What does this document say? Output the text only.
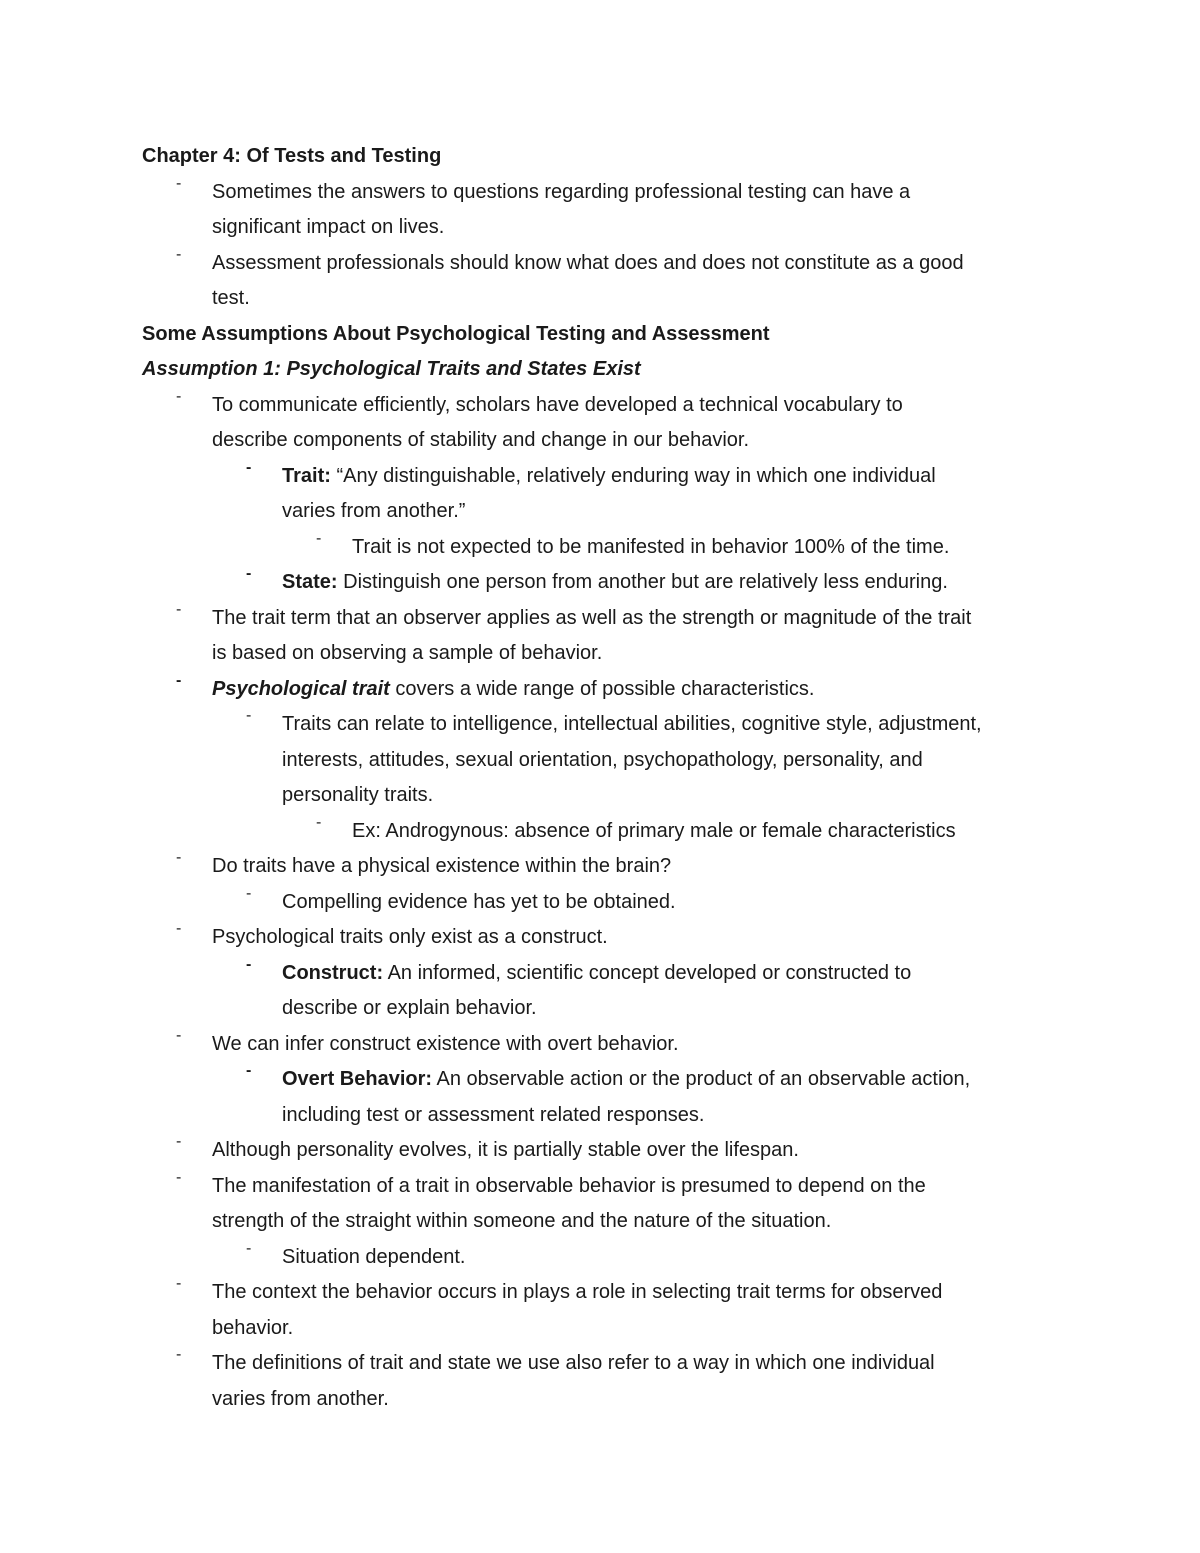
Chapter 4: Of Tests and Testing
-	Sometimes the answers to questions regarding professional testing can have a
significant impact on lives.
-	Assessment professionals should know what does and does not constitute as a good
test.
Some Assumptions About Psychological Testing and Assessment
Assumption 1: Psychological Traits and States Exist
-	To communicate efficiently, scholars have developed a technical vocabulary to
describe components of stability and change in our behavior.
-	Trait: “Any distinguishable, relatively enduring way in which one individual
varies from another.”
-	Trait is not expected to be manifested in behavior 100% of the time.
-	State: Distinguish one person from another but are relatively less enduring.
-	The trait term that an observer applies as well as the strength or magnitude of the trait
is based on observing a sample of behavior.
-	Psychological trait covers a wide range of possible characteristics.
-	Traits can relate to intelligence, intellectual abilities, cognitive style, adjustment,
interests, attitudes, sexual orientation, psychopathology, personality, and
personality traits.
-	Ex: Androgynous: absence of primary male or female characteristics
-	Do traits have a physical existence within the brain?
-	Compelling evidence has yet to be obtained.
-	Psychological traits only exist as a construct.
-	Construct: An informed, scientific concept developed or constructed to
describe or explain behavior.
-	We can infer construct existence with overt behavior.
-	Overt Behavior: An observable action or the product of an observable action,
including test or assessment related responses.
-	Although personality evolves, it is partially stable over the lifespan.
-	The manifestation of a trait in observable behavior is presumed to depend on the
strength of the straight within someone and the nature of the situation.
-	Situation dependent.
-	The context the behavior occurs in plays a role in selecting trait terms for observed
behavior.
-	The definitions of trait and state we use also refer to a way in which one individual
varies from another.
